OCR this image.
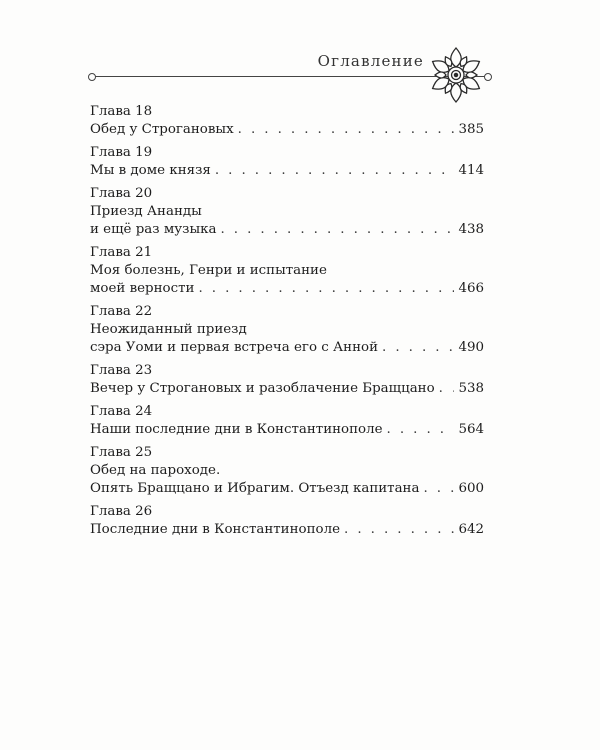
Оглавление
Глава 18
Обед у Строгановых . . .	385
Глава 19
Мы в доме князя . . .	414
Глава 20
Приезд Ананды
и ещё раз музыка . . .	438
Глава 21
Моя болезнь, Генри и испытание
моей верности . . .	466
Глава 22
Неожиданный приезд
сэра Уоми и первая встреча его с Анной . . .	490
Глава 23
Вечер у Строгановых и разоблачение Бращцано . . . 538
Глава 24
Наши последние дни в Константинополе . . .	564
Глава 25
Обед на пароходе.
Опять Бращцано и Ибрагим. Отъезд капитана . . .	600
Глава 26
Последние дни в Константинополе . . .	642
